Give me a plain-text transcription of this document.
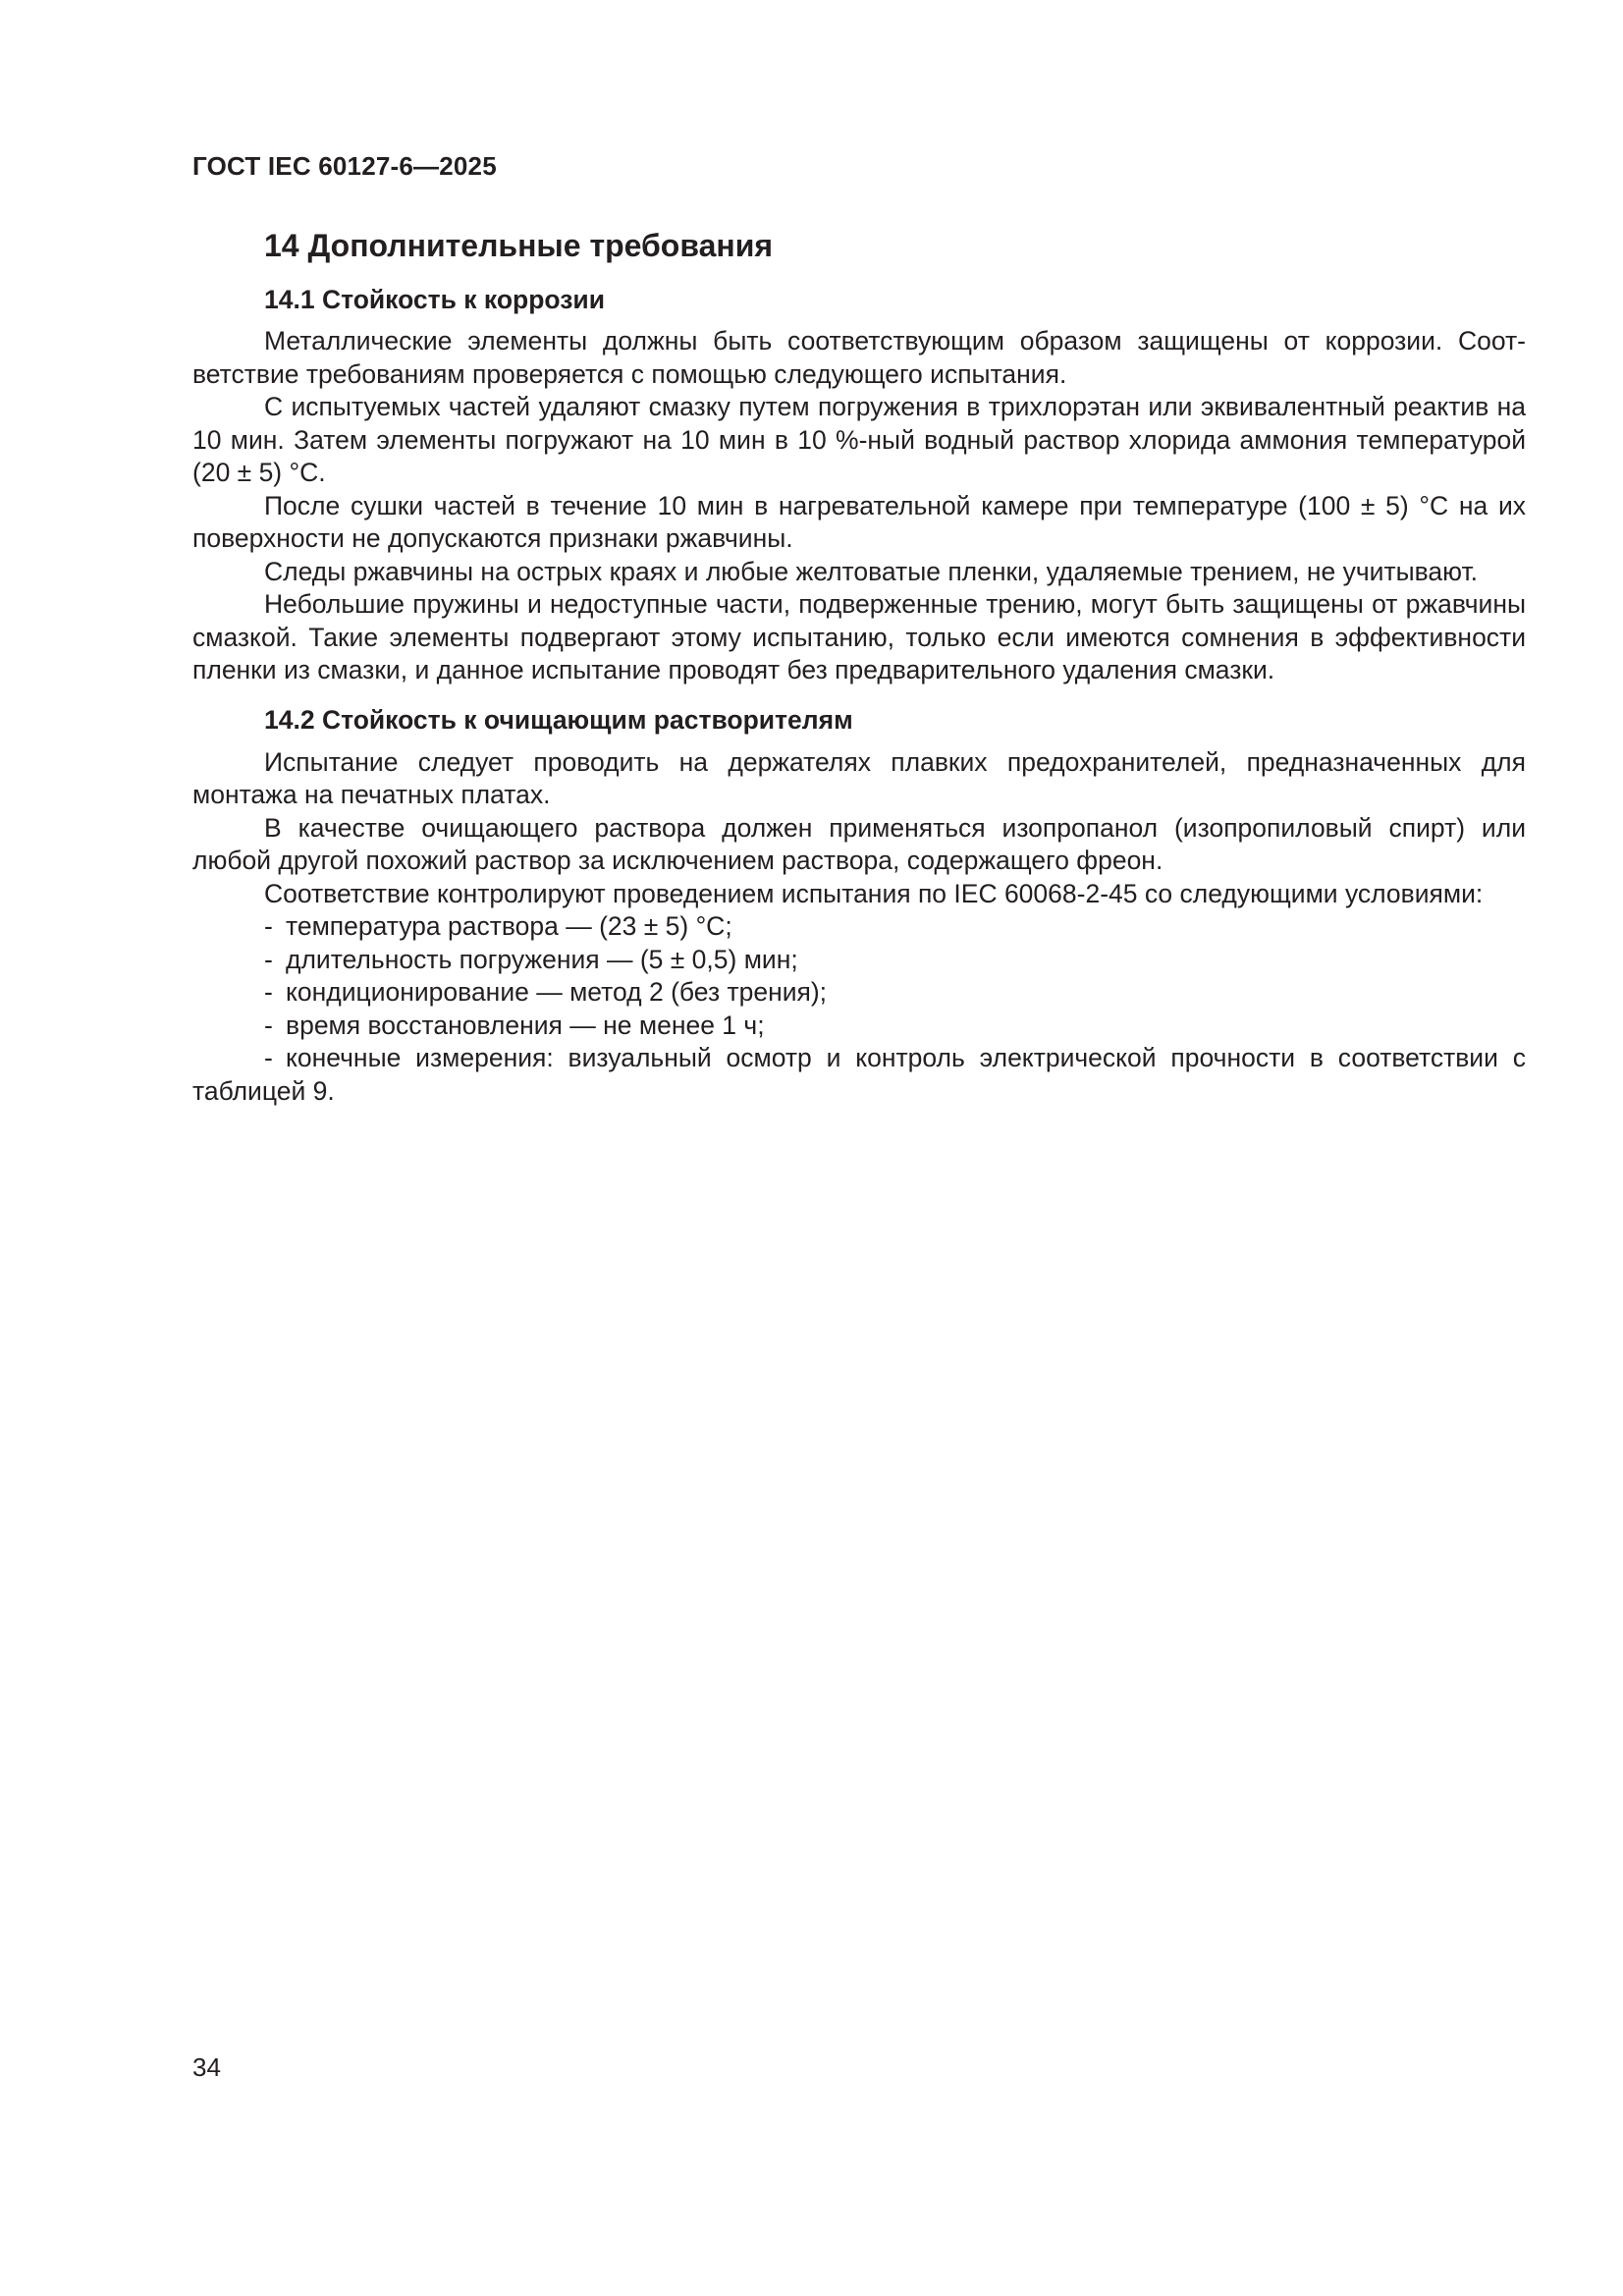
ГОСТ IEC 60127-6—2025
14 Дополнительные требования
14.1 Стойкость к коррозии

Металлические элементы должны быть соответствующим образом защищены от коррозии. Соответствие требованиям проверяется с помощью следующего испытания.

С испытуемых частей удаляют смазку путем погружения в трихлорэтан или эквивалентный реактив на 10 мин. Затем элементы погружают на 10 мин в 10 %-ный водный раствор хлорида аммония температурой (20 ± 5) °С.

После сушки частей в течение 10 мин в нагревательной камере при температуре (100 ± 5) °С на их поверхности не допускаются признаки ржавчины.

Следы ржавчины на острых краях и любые желтоватые пленки, удаляемые трением, не учитывают.

Небольшие пружины и недоступные части, подверженные трению, могут быть защищены от ржавчины смазкой. Такие элементы подвергают этому испытанию, только если имеются сомнения в эффективности пленки из смазки, и данное испытание проводят без предварительного удаления смазки.

14.2 Стойкость к очищающим растворителям

Испытание следует проводить на держателях плавких предохранителей, предназначенных для монтажа на печатных платах.

В качестве очищающего раствора должен применяться изопропанол (изопропиловый спирт) или любой другой похожий раствор за исключением раствора, содержащего фреон.

Соответствие контролируют проведением испытания по IEC 60068-2-45 со следующими условиями:

- температура раствора — (23 ± 5) °С;
- длительность погружения — (5 ± 0,5) мин;
- кондиционирование — метод 2 (без трения);
- время восстановления — не менее 1 ч;
- конечные измерения: визуальный осмотр и контроль электрической прочности в соответствии с таблицей 9.
34
